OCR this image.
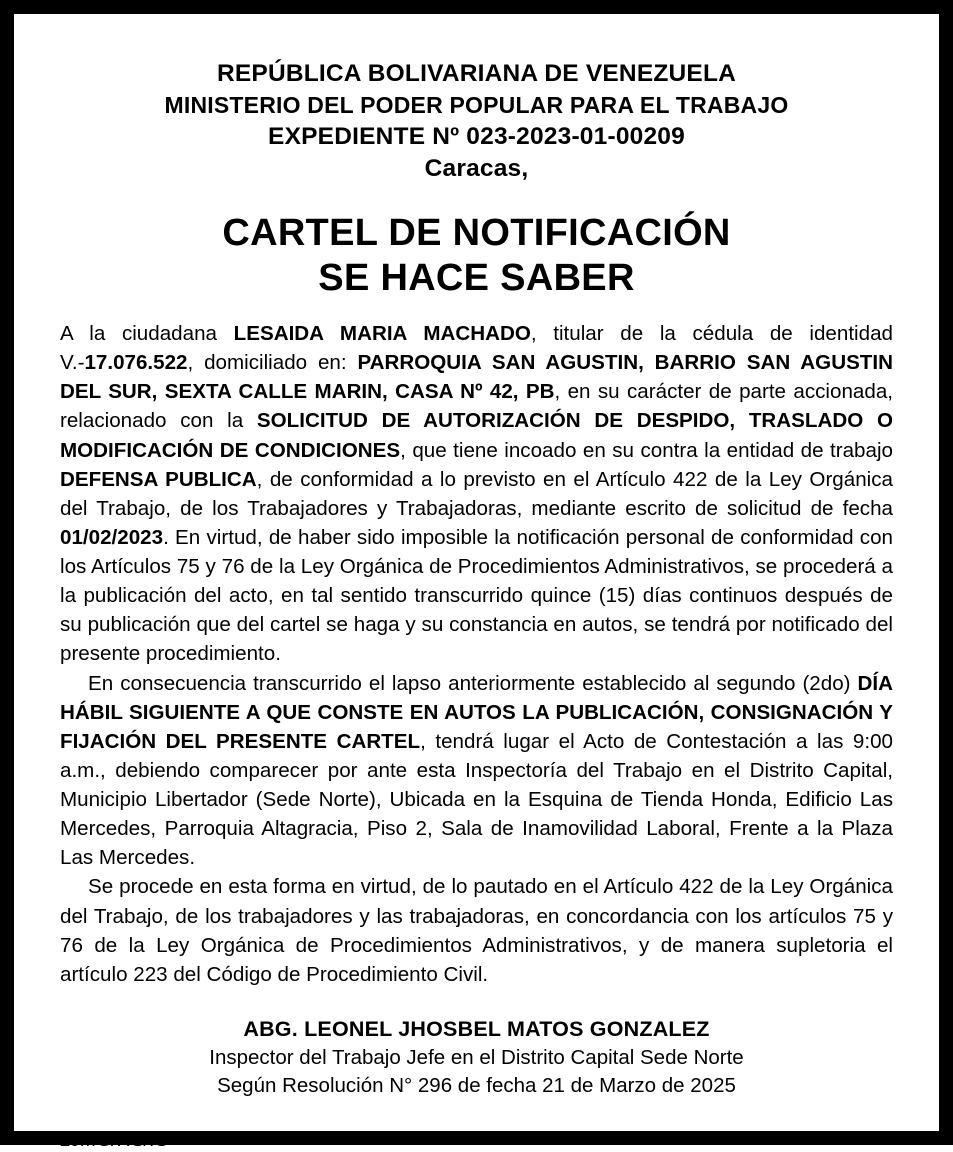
REPÚBLICA BOLIVARIANA DE VENEZUELA
MINISTERIO DEL PODER POPULAR PARA EL TRABAJO
EXPEDIENTE Nº 023-2023-01-00209
Caracas,
CARTEL DE NOTIFICACIÓN
SE HACE SABER

A la ciudadana LESAIDA MARIA MACHADO, titular de la cédula de identidad V.-17.076.522, domiciliado en: PARROQUIA SAN AGUSTIN, BARRIO SAN AGUSTIN DEL SUR, SEXTA CALLE MARIN, CASA Nº 42, PB, en su carácter de parte accionada, relacionado con la SOLICITUD DE AUTORIZACIÓN DE DESPIDO, TRASLADO O MODIFICACIÓN DE CONDICIONES, que tiene incoado en su contra la entidad de trabajo DEFENSA PUBLICA, de conformidad a lo previsto en el Artículo 422 de la Ley Orgánica del Trabajo, de los Trabajadores y Trabajadoras, mediante escrito de solicitud de fecha 01/02/2023. En virtud, de haber sido imposible la notificación personal de conformidad con los Artículos 75 y 76 de la Ley Orgánica de Procedimientos Administrativos, se procederá a la publicación del acto, en tal sentido transcurrido quince (15) días continuos después de su publicación que del cartel se haga y su constancia en autos, se tendrá por notificado del presente procedimiento.

En consecuencia transcurrido el lapso anteriormente establecido al segundo (2do) DÍA HÁBIL SIGUIENTE A QUE CONSTE EN AUTOS LA PUBLICACIÓN, CONSIGNACIÓN Y FIJACIÓN DEL PRESENTE CARTEL, tendrá lugar el Acto de Contestación a las 9:00 a.m., debiendo comparecer por ante esta Inspectoría del Trabajo en el Distrito Capital, Municipio Libertador (Sede Norte), Ubicada en la Esquina de Tienda Honda, Edificio Las Mercedes, Parroquia Altagracia, Piso 2, Sala de Inamovilidad Laboral, Frente a la Plaza Las Mercedes.

Se procede en esta forma en virtud, de lo pautado en el Artículo 422 de la Ley Orgánica del Trabajo, de los trabajadores y las trabajadoras, en concordancia con los artículos 75 y 76 de la Ley Orgánica de Procedimientos Administrativos, y de manera supletoria el artículo 223 del Código de Procedimiento Civil.

ABG. LEONEL JHOSBEL MATOS GONZALEZ
Inspector del Trabajo Jefe en el Distrito Capital Sede Norte
Según Resolución N° 296 de fecha 21 de Marzo de 2025
LJMG/RS/IS
